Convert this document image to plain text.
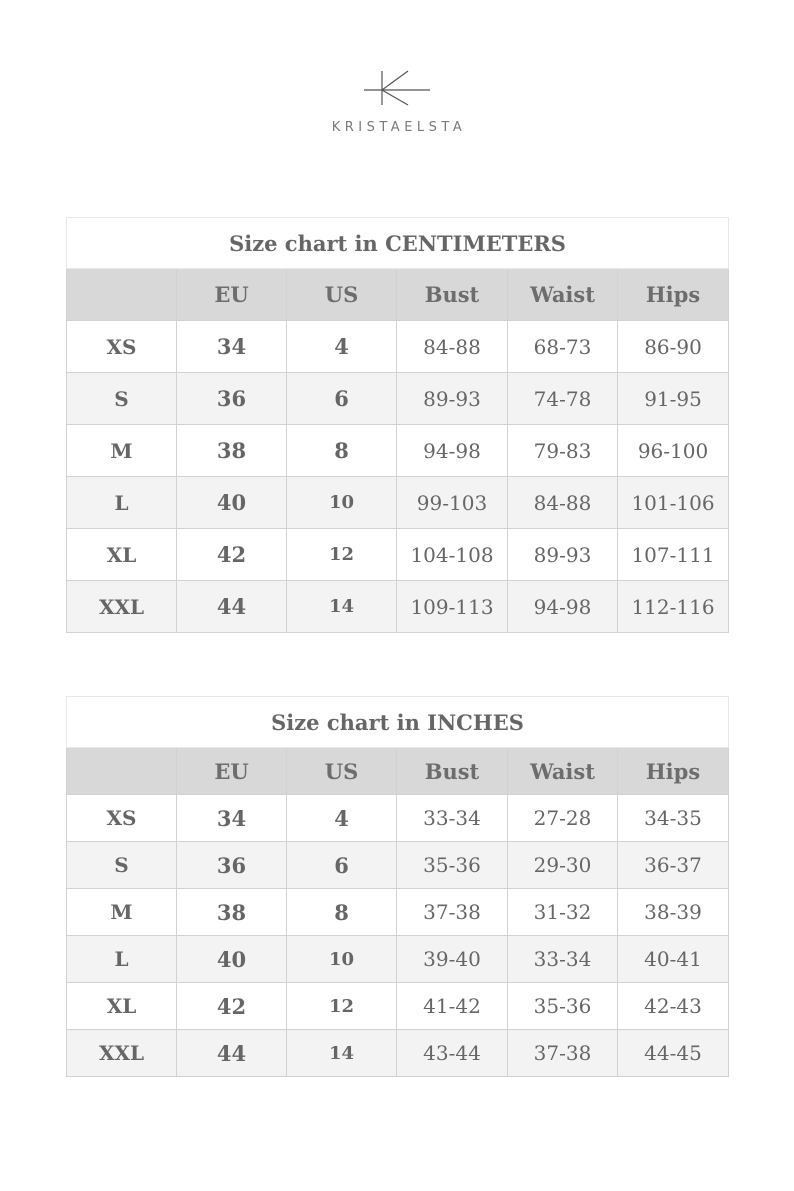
KRISTAELSTA
Size chart in CENTIMETERS					
	EU	US	Bust	Waist	Hips
XS	34	4	84-88	68-73	86-90
S	36	6	89-93	74-78	91-95
M	38	8	94-98	79-83	96-100
L	40	10	99-103	84-88	101-106
XL	42	12	104-108	89-93	107-111
XXL	44	14	109-113	94-98	112-116
Size chart in INCHES					
	EU	US	Bust	Waist	Hips
XS	34	4	33-34	27-28	34-35
S	36	6	35-36	29-30	36-37
M	38	8	37-38	31-32	38-39
L	40	10	39-40	33-34	40-41
XL	42	12	41-42	35-36	42-43
XXL	44	14	43-44	37-38	44-45
